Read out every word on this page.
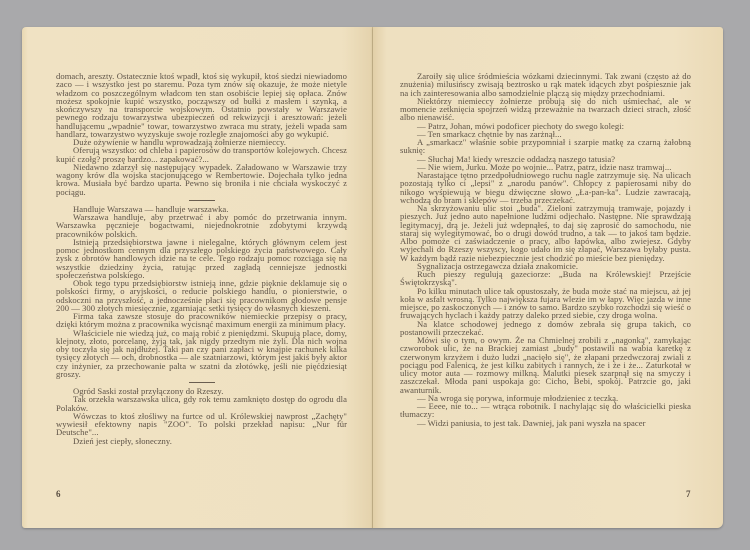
domach, areszty. Ostatecznie ktoś wpadł, ktoś się wykupił, ktoś siedzi niewiadomo zaco — i wszystko jest po staremu. Poza tym znów się okazuje, że może nietyle władzom co poszczególnym władcom ten stan osobiście lepiej się opłaca. Znów możesz spokojnie kupić wszystko, począwszy od bułki z masłem i szynką, a skończywszy na transporcie wojskowym. Ostatnio powstały w Warszawie pewnego rodzaju towarzystwa ubezpieczeń od rekwizycji i aresztowań: jeżeli handlującemu „wpadnie" towar, towarzystwo zwraca mu straty, jeżeli wpada sam handlarz, towarzystwo wyzyskuje swoje rozległe znajomości aby go wykupić.

Duże ożywienie w handlu wprowadzają żołnierze niemieccy.

Oferują wszystko: od chleba i papierosów do transportów kolejowych. Chcesz kupić czołg? proszę bardzo... zapakować?...

Niedawno zdarzył się następujący wypadek. Załadowano w Warszawie trzy wagony krów dla wojska stacjonującego w Rembertowie. Dojechała tylko jedna krowa. Musiała być bardzo uparta. Pewno się broniła i nie chciała wyskoczyć z pociągu.

Handluje Warszawa — handluje warszawka.

Warszawa handluje, aby przetrwać i aby pomóc do przetrwania innym. Warszawka pęcznieje bogactwami, niejednokrotnie zdobytymi krzywdą pracowników polskich.

Istnieją przedsiębiorstwa jawne i nielegalne, których głównym celem jest pomoc jednostkom cennym dla przyszłego polskiego życia państwowego. Cały zysk z obrotów handlowych idzie na te cele. Tego rodzaju pomoc rozciąga się na wszystkie dziedziny życia, ratując przed zagładą cenniejsze jednostki społeczeństwa polskiego.

Obok tego typu przedsiębiorstw istnieją inne, gdzie pięknie deklamuje się o polskości firmy, o aryjskości, o reducie polskiego handlu, o pionierstwie, o odskoczni na przyszłość, a jednocześnie płaci się pracownikom głodowe pensje 200 — 300 złotych miesięcznie, zgarniając setki tysięcy do własnych kieszeni.

Firma taka zawsze stosuje do pracowników niemieckie przepisy o pracy, dzięki którym można z pracownika wycisnąć maximum energii za minimum płacy.

Właściciele nie wiedzą już, co mają robić z pieniędzmi. Skupują place, domy, klejnoty, złoto, porcelanę, żyją tak, jak nigdy przedtym nie żyli. Dla nich wojna oby toczyła się jak najdłużej. Taki pan czy pani zapłaci w knajpie rachunek kilka tysięcy złotych — och, drobnostka — ale szatniarzowi, którym jest jakiś były aktor czy inżynier, za przechowanie palta w szatni da złotówkę, jeśli nie pięćdziesiąt groszy.

Ogród Saski został przyłączony do Rzeszy.

Tak orzekła warszawska ulica, gdy rok temu zamknięto dostęp do ogrodu dla Polaków.

Wówczas to ktoś złośliwy na furtce od ul. Królewskiej nawprost „Zachęty" wywiesił efektowny napis "ZOO". To polski przekład napisu: „Nur für Deutsche"...

Dzień jest ciepły, słoneczny.

6

Zaroiły się ulice śródmieścia wózkami dziecinnymi. Tak zwani (często aż do znużenia) milusińscy zwisają beztrosko u rąk matek idących zbyt pośpiesznie jak na ich zainteresowania albo samodzielnie plączą się między przechodniami.

Niektórzy niemieccy żołnierze próbują się do nich uśmiechać, ale w momencie zetknięcia spojrzeń widzą przeważnie na twarzach dzieci strach, złość albo nienawiść.

— Patrz, Johan, mówi podoficer piechoty do swego kolegi:

— Ten smarkacz chętnie by nas zarżnął...

A „smarkacz" właśnie sobie przypomniał i szarpie matkę za czarną żałobną suknię:

— Słuchaj Ma! kiedy wreszcie oddadzą naszego tatusia?

— Nie wiem, Jurku. Może po wojnie... Patrz, patrz, idzie nasz tramwaj...

Narastające tętno przedpołudniowego ruchu nagle zatrzymuje się. Na ulicach pozostają tylko ci „lepsi" z „narodu panów". Chłopcy z papierosami niby do nikogo wyśpiewują w biegu dźwięczne słowo „Ła-pan-ka". Ludzie zawracają, wchodzą do bram i sklepów — trzeba przeczekać.

Na skrzyżowaniu ulic stoi „buda". Zieloni zatrzymują tramwaje, pojazdy i pieszych. Już jedno auto napełnione ludźmi odjechało. Następne. Nie sprawdzają legitymacyj, drą je. Jeżeli już wdepnąłeś, to daj się zaprosić do samochodu, nie staraj się wylegitymować, bo o drugi dowód trudno, a tak — to jakoś tam będzie. Albo pomoże ci zaświadczenie o pracy, albo łapówka, albo zwiejesz. Gdyby wyjechali do Rzeszy wszyscy, kogo udało im się złapać, Warszawa byłaby pusta. W każdym bądź razie niebezpiecznie jest chodzić po mieście bez pieniędzy.

Sygnalizacja ostrzegawcza działa znakomicie.

Ruch pieszy regulują gazeciorze: „Buda na Królewskiej! Przejście Świętokrzyską".

Po kilku minutach ulice tak opustoszały, że buda może stać na miejscu, aż jej koła w asfalt wrosną. Tylko największa fujara wlezie im w łapy. Więc jazda w inne miejsce, po zaskoczonych — i znów to samo. Bardzo szybko rozchodzi się wieść o fruwających hyclach i każdy patrzy daleko przed siebie, czy droga wolna.

Na klatce schodowej jednego z domów zebrała się grupa takich, co postanowili przeczekać.

Mówi się o tym, o owym. Że na Chmielnej zrobili z „nagonką", zamykając czworobok ulic, że na Brackiej zamiast „budy" postawili na wabia karetkę z czerwonym krzyżem i dużo ludzi „nacięło się", że złapani przedwczoraj zwiali z pociągu pod Falenicą, że jest kilku zabitych i rannych, że i że i że... Zaturkotał w ulicy motor auta — rozmowy milkną. Malutki piesek szarpnął się na smyczy i zaszczekał. Młoda pani uspokaja go: Cicho, Bebi, spokój. Patrzcie go, jaki awanturnik.

— Na wroga się porywa, informuje młodzieniec z teczką.

— Eeee, nie to... — wtrąca robotnik. I nachylając się do właścicielki pieska tłumaczy:

— Widzi paniusia, to jest tak. Dawniej, jak pani wyszła na spacer

7
